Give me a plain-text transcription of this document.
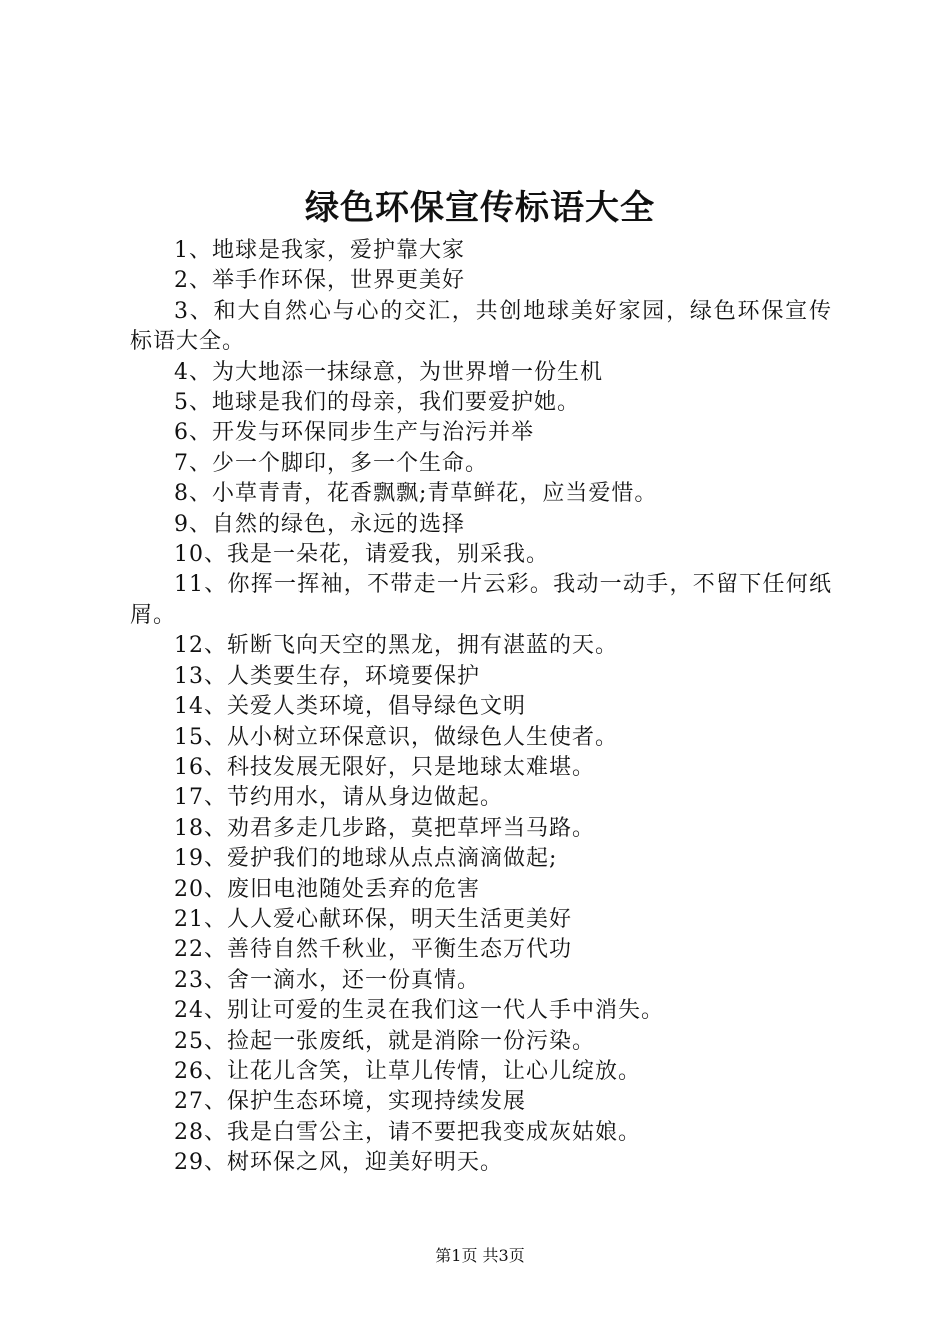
绿色环保宣传标语大全
1、地球是我家，爱护靠大家
2、举手作环保，世界更美好
3、和大自然心与心的交汇，共创地球美好家园，绿色环保宣传标语大全。
4、为大地添一抹绿意，为世界增一份生机
5、地球是我们的母亲，我们要爱护她。
6、开发与环保同步生产与治污并举
7、少一个脚印，多一个生命。
8、小草青青，花香飘飘;青草鲜花，应当爱惜。
9、自然的绿色，永远的选择
10、我是一朵花，请爱我，别采我。
11、你挥一挥袖，不带走一片云彩。我动一动手，不留下任何纸屑。
12、斩断飞向天空的黑龙，拥有湛蓝的天。
13、人类要生存，环境要保护
14、关爱人类环境，倡导绿色文明
15、从小树立环保意识，做绿色人生使者。
16、科技发展无限好，只是地球太难堪。
17、节约用水，请从身边做起。
18、劝君多走几步路，莫把草坪当马路。
19、爱护我们的地球从点点滴滴做起;
20、废旧电池随处丢弃的危害
21、人人爱心献环保，明天生活更美好
22、善待自然千秋业，平衡生态万代功
23、舍一滴水，还一份真情。
24、别让可爱的生灵在我们这一代人手中消失。
25、捡起一张废纸，就是消除一份污染。
26、让花儿含笑，让草儿传情，让心儿绽放。
27、保护生态环境，实现持续发展
28、我是白雪公主，请不要把我变成灰姑娘。
29、树环保之风，迎美好明天。
第1页 共3页
